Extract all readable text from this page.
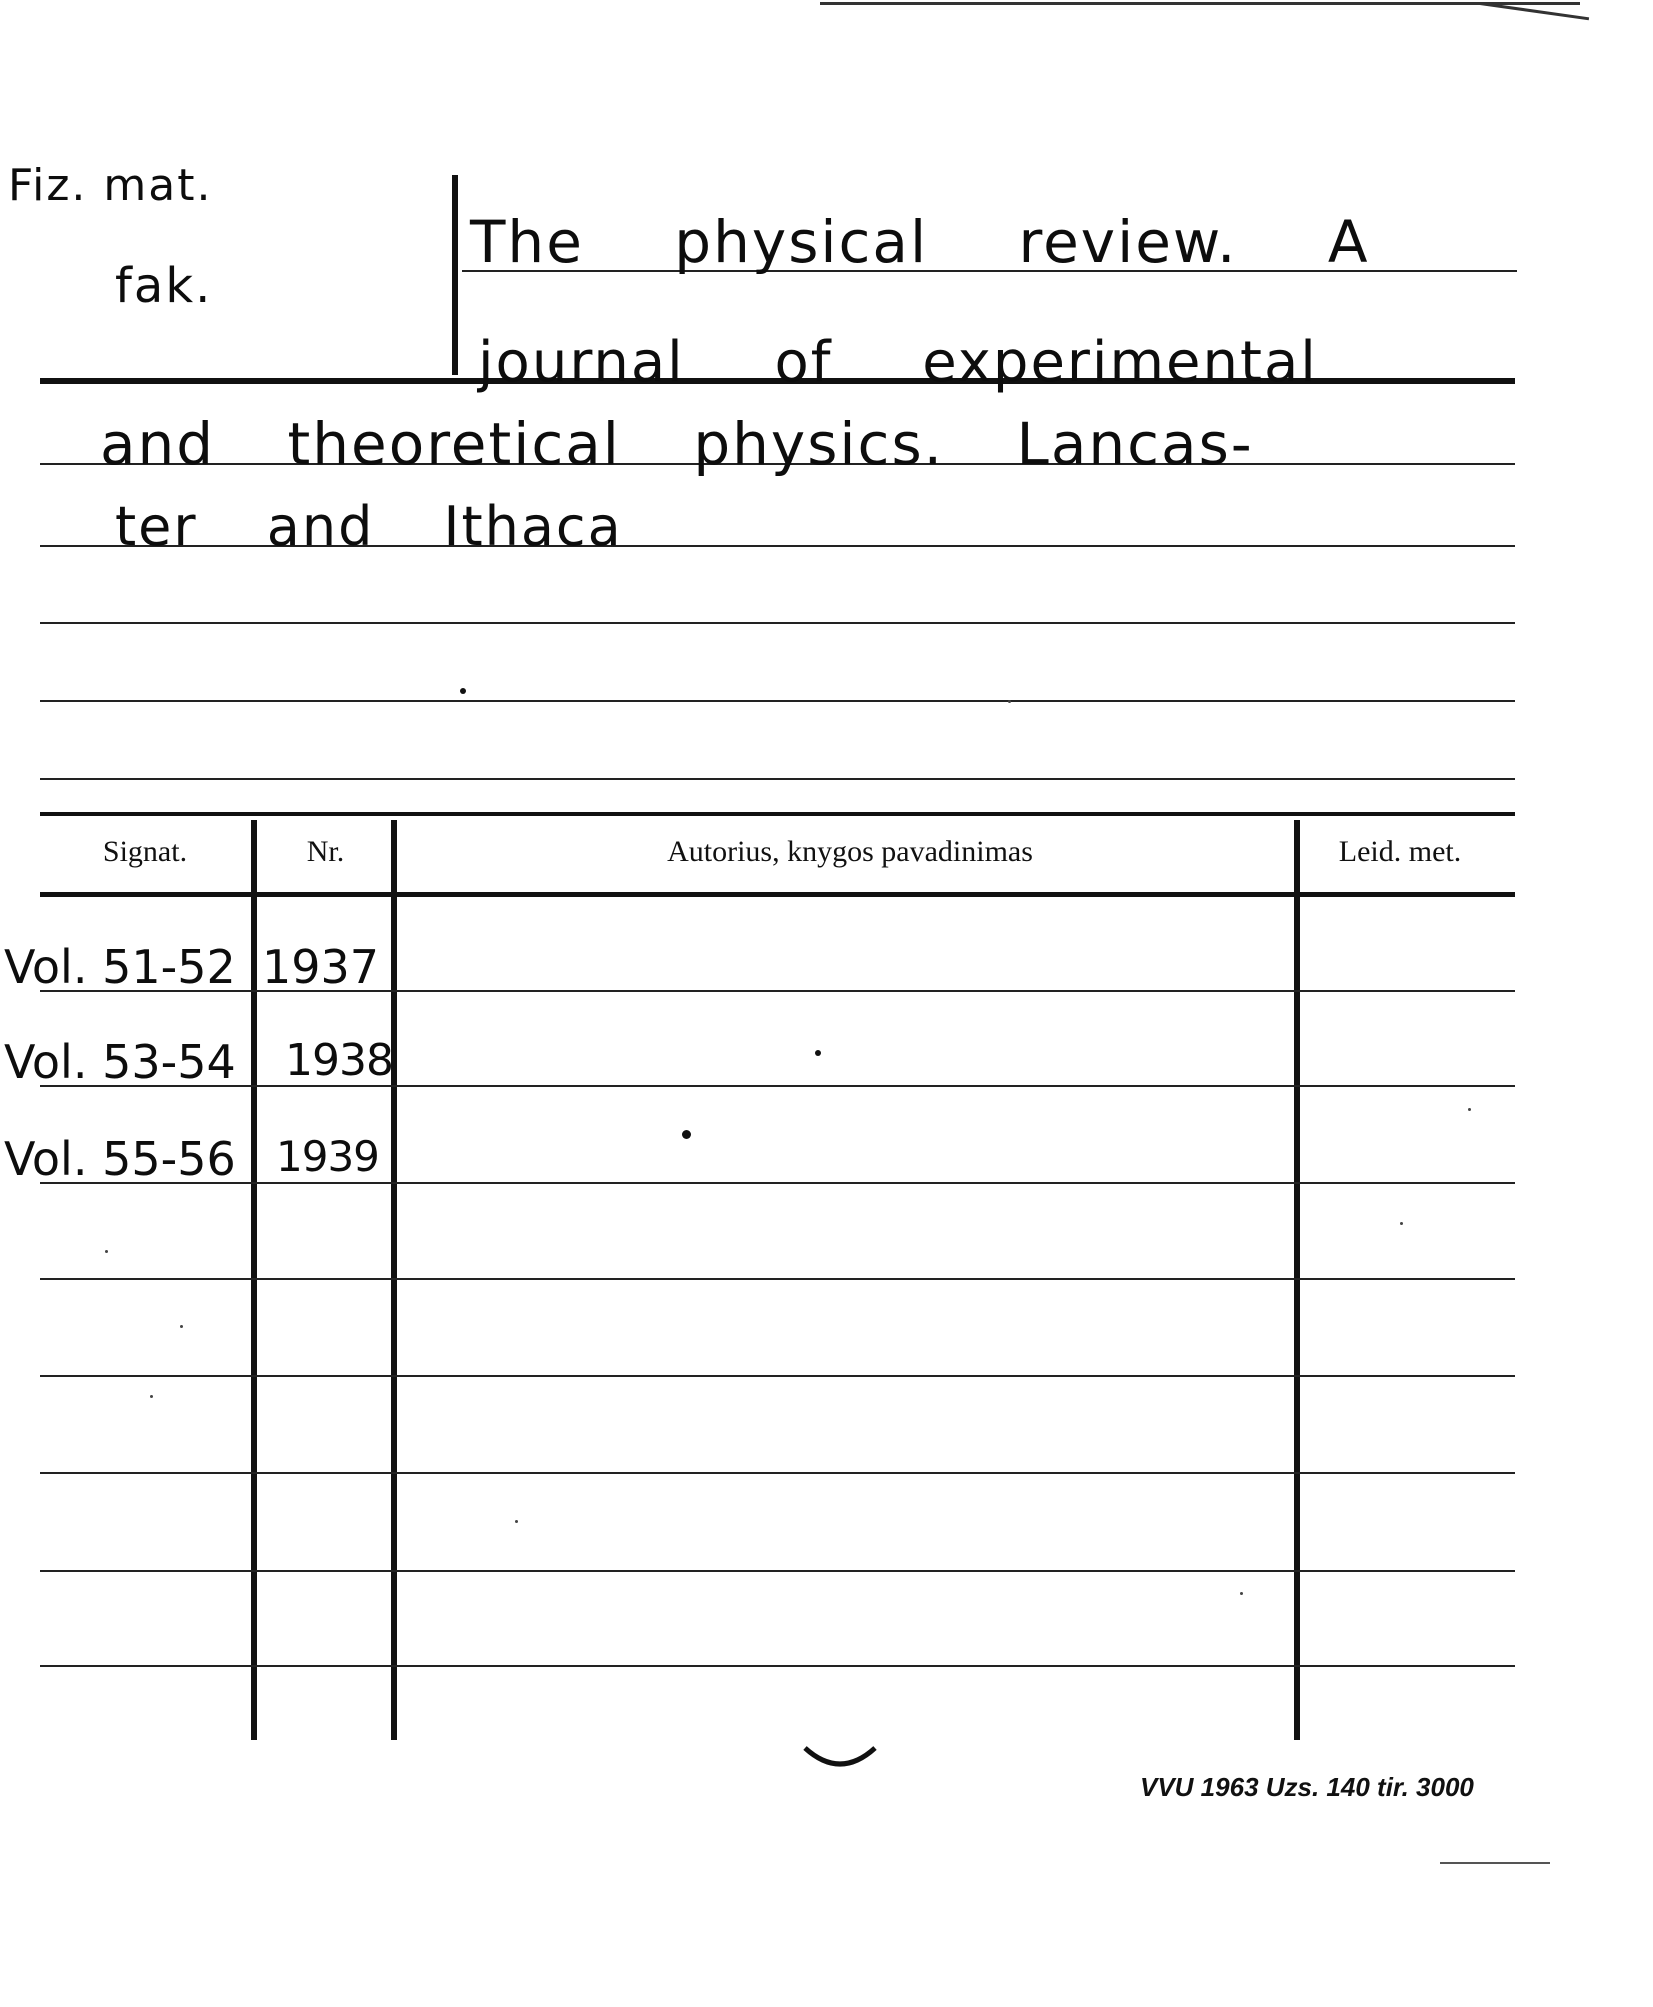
Fiz. mat.
fak.
The physical review. A
journal of experimental
and theoretical physics. Lancas-
ter and Ithaca
Signat.	Nr.	Autorius, knygos pavadinimas	Leid. met.
Vol. 51-52 1937
Vol. 53-54 1938
Vol. 55-56 1939
VVU 1963 Uzs. 140 tir. 3000
